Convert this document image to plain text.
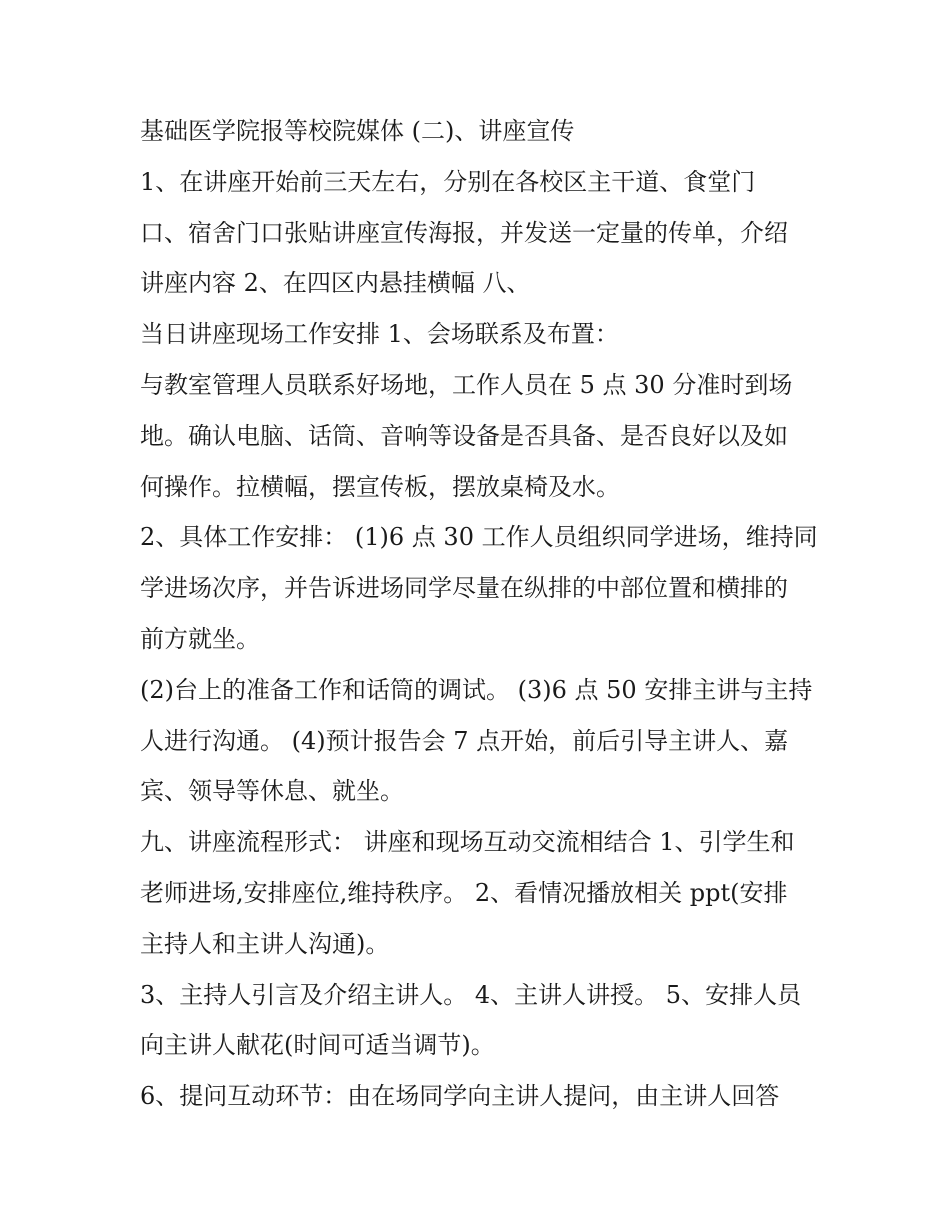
基础医学院报等校院媒体 (二)、讲座宣传
1、在讲座开始前三天左右，分别在各校区主干道、食堂门
口、宿舍门口张贴讲座宣传海报，并发送一定量的传单，介绍
讲座内容 2、在四区内悬挂横幅 八、
当日讲座现场工作安排 1、会场联系及布置：
与教室管理人员联系好场地，工作人员在 5 点 30 分准时到场
地。确认电脑、话筒、音响等设备是否具备、是否良好以及如
何操作。拉横幅，摆宣传板，摆放桌椅及水。
2、具体工作安排： (1)6 点 30 工作人员组织同学进场，维持同
学进场次序，并告诉进场同学尽量在纵排的中部位置和横排的
前方就坐。
(2)台上的准备工作和话筒的调试。 (3)6 点 50 安排主讲与主持
人进行沟通。 (4)预计报告会 7 点开始，前后引导主讲人、嘉
宾、领导等休息、就坐。
九、讲座流程形式： 讲座和现场互动交流相结合 1、引学生和
老师进场,安排座位,维持秩序。 2、看情况播放相关 ppt(安排
主持人和主讲人沟通)。
3、主持人引言及介绍主讲人。 4、主讲人讲授。 5、安排人员
向主讲人献花(时间可适当调节)。
6、提问互动环节：由在场同学向主讲人提问，由主讲人回答
